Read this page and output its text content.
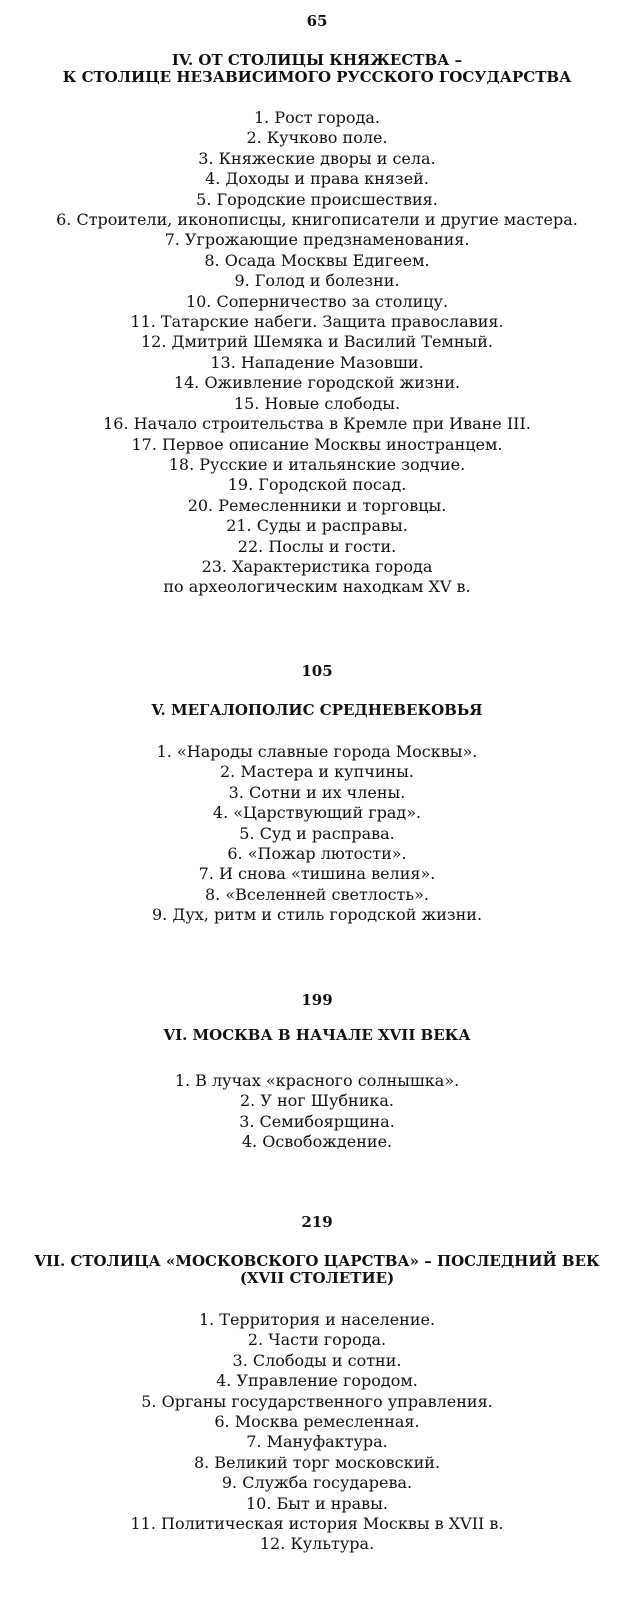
65
IV. ОТ СТОЛИЦЫ КНЯЖЕСТВА –
К СТОЛИЦЕ НЕЗАВИСИМОГО РУССКОГО ГОСУДАРСТВА
1. Рост города.
2. Кучково поле.
3. Княжеские дворы и села.
4. Доходы и права князей.
5. Городские происшествия.
6. Строители, иконописцы, книгописатели и другие мастера.
7. Угрожающие предзнаменования.
8. Осада Москвы Едигеем.
9. Голод и болезни.
10. Соперничество за столицу.
11. Татарские набеги. Защита православия.
12. Дмитрий Шемяка и Василий Темный.
13. Нападение Мазовши.
14. Оживление городской жизни.
15. Новые слободы.
16. Начало строительства в Кремле при Иване III.
17. Первое описание Москвы иностранцем.
18. Русские и итальянские зодчие.
19. Городской посад.
20. Ремесленники и торговцы.
21. Суды и расправы.
22. Послы и гости.
23. Характеристика города
по археологическим находкам XV в.
105
V. МЕГАЛОПОЛИС СРЕДНЕВЕКОВЬЯ
1. «Народы славные города Москвы».
2. Мастера и купчины.
3. Сотни и их члены.
4. «Царствующий град».
5. Суд и расправа.
6. «Пожар лютости».
7. И снова «тишина велия».
8. «Вселенней светлость».
9. Дух, ритм и стиль городской жизни.
199
VI. МОСКВА В НАЧАЛЕ XVII ВЕКА
1. В лучах «красного солнышка».
2. У ног Шубника.
3. Семибоярщина.
4. Освобождение.
219
VII. СТОЛИЦА «МОСКОВСКОГО ЦАРСТВА» – ПОСЛЕДНИЙ ВЕК
(XVII СТОЛЕТИЕ)
1. Территория и население.
2. Части города.
3. Слободы и сотни.
4. Управление городом.
5. Органы государственного управления.
6. Москва ремесленная.
7. Мануфактура.
8. Великий торг московский.
9. Служба государева.
10. Быт и нравы.
11. Политическая история Москвы в XVII в.
12. Культура.
